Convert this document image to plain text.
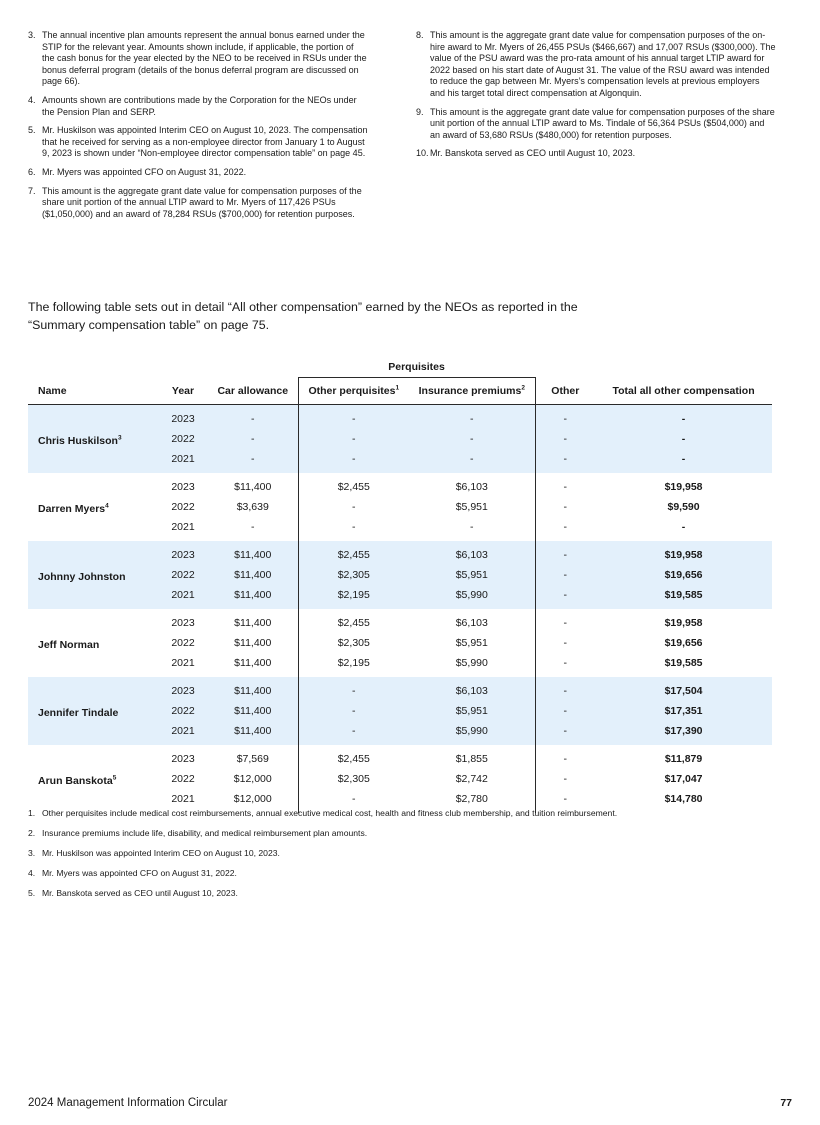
3. The annual incentive plan amounts represent the annual bonus earned under the STIP for the relevant year. Amounts shown include, if applicable, the portion of the cash bonus for the year elected by the NEO to be received in RSUs under the bonus deferral program (details of the bonus deferral program are discussed on page 66).
4. Amounts shown are contributions made by the Corporation for the NEOs under the Pension Plan and SERP.
5. Mr. Huskilson was appointed Interim CEO on August 10, 2023. The compensation that he received for serving as a non-employee director from January 1 to August 9, 2023 is shown under “Non-employee director compensation table” on page 45.
6. Mr. Myers was appointed CFO on August 31, 2022.
7. This amount is the aggregate grant date value for compensation purposes of the share unit portion of the annual LTIP award to Mr. Myers of 117,426 PSUs ($1,050,000) and an award of 78,284 RSUs ($700,000) for retention purposes.
8. This amount is the aggregate grant date value for compensation purposes of the on-hire award to Mr. Myers of 26,455 PSUs ($466,667) and 17,007 RSUs ($300,000). The value of the PSU award was the pro-rata amount of his annual target LTIP award for 2022 based on his start date of August 31. The value of the RSU award was intended to reduce the gap between Mr. Myers’s compensation levels at previous employers and his target total direct compensation at Algonquin.
9. This amount is the aggregate grant date value for compensation purposes of the share unit portion of the annual LTIP award to Ms. Tindale of 56,364 PSUs ($504,000) and an award of 53,680 RSUs ($480,000) for retention purposes.
10. Mr. Banskota served as CEO until August 10, 2023.
The following table sets out in detail “All other compensation” earned by the NEOs as reported in the “Summary compensation table” on page 75.
			Perquisites			
Name	Year	Car allowance	Other perquisites$^1$	Insurance premiums$^2$	Other	Total all other compensation
Chris Huskilson$^3$	2023	-	-	-	-	-
	2022	-	-	-	-	-
	2021	-	-	-	-	-
Darren Myers$^4$	2023	$11,400	$2,455	$6,103	-	$19,958
	2022	$3,639	-	$5,951	-	$9,590
	2021	-	-	-	-	-
Johnny Johnston	2023	$11,400	$2,455	$6,103	-	$19,958
	2022	$11,400	$2,305	$5,951	-	$19,656
	2021	$11,400	$2,195	$5,990	-	$19,585
Jeff Norman	2023	$11,400	$2,455	$6,103	-	$19,958
	2022	$11,400	$2,305	$5,951	-	$19,656
	2021	$11,400	$2,195	$5,990	-	$19,585
Jennifer Tindale	2023	$11,400	-	$6,103	-	$17,504
	2022	$11,400	-	$5,951	-	$17,351
	2021	$11,400	-	$5,990	-	$17,390
Arun Banskota$^5$	2023	$7,569	$2,455	$1,855	-	$11,879
	2022	$12,000	$2,305	$2,742	-	$17,047
	2021	$12,000	-	$2,780	-	$14,780
1. Other perquisites include medical cost reimbursements, annual executive medical cost, health and fitness club membership, and tuition reimbursement.
2. Insurance premiums include life, disability, and medical reimbursement plan amounts.
3. Mr. Huskilson was appointed Interim CEO on August 10, 2023.
4. Mr. Myers was appointed CFO on August 31, 2022.
5. Mr. Banskota served as CEO until August 10, 2023.
2024 Management Information Circular	77
